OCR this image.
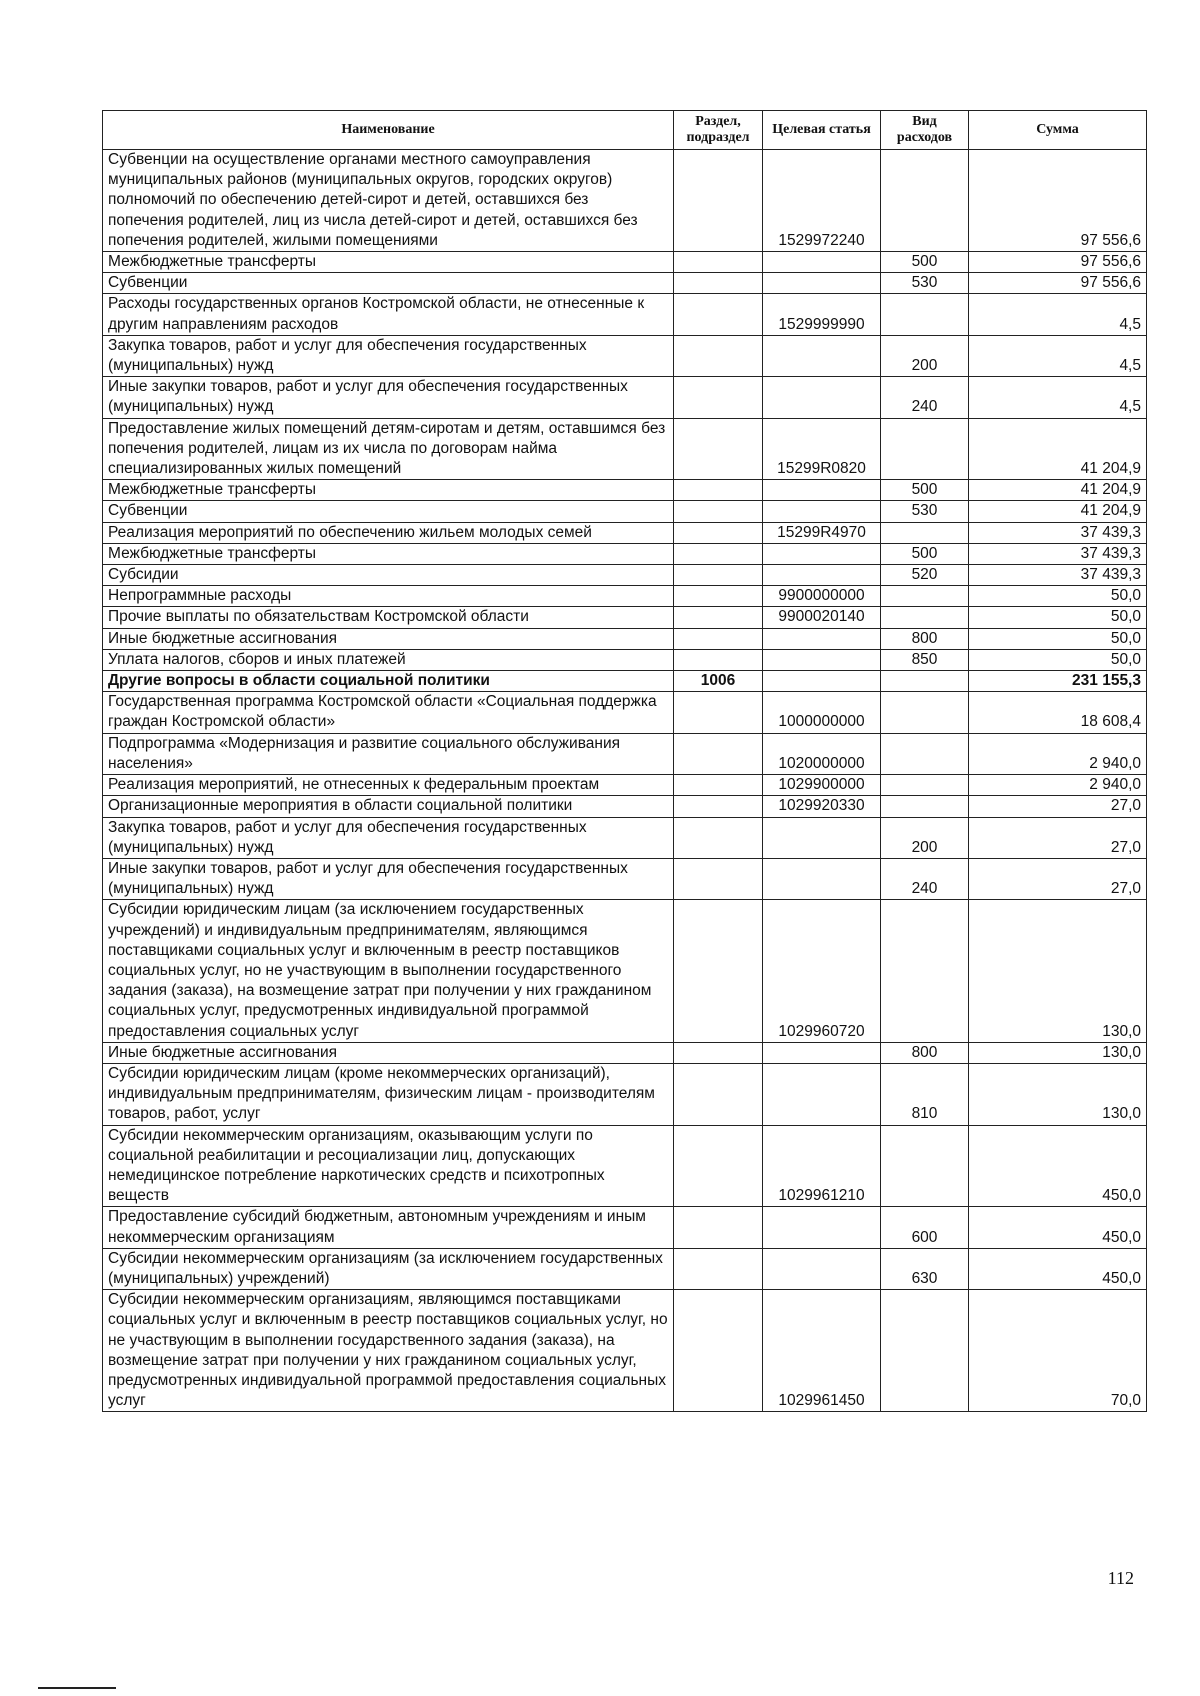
Наименование	Раздел, подраздел	Целевая статья	Вид расходов	Сумма
Субвенции на осуществление органами местного самоуправления муниципальных районов (муниципальных округов, городских округов) полномочий по обеспечению детей-сирот и детей, оставшихся без попечения родителей, лиц из числа детей-сирот и детей, оставшихся без попечения родителей, жилыми помещениями		1529972240		97 556,6
Межбюджетные трансферты			500	97 556,6
Субвенции			530	97 556,6
Расходы государственных органов Костромской области, не отнесенные к другим направлениям расходов		1529999990		4,5
Закупка товаров, работ и услуг для обеспечения государственных (муниципальных) нужд			200	4,5
Иные закупки товаров, работ и услуг для обеспечения государственных (муниципальных) нужд			240	4,5
Предоставление жилых помещений детям-сиротам и детям, оставшимся без попечения родителей, лицам из их числа по договорам найма специализированных жилых помещений		15299R0820		41 204,9
Межбюджетные трансферты			500	41 204,9
Субвенции			530	41 204,9
Реализация мероприятий по обеспечению жильем молодых семей		15299R4970		37 439,3
Межбюджетные трансферты			500	37 439,3
Субсидии			520	37 439,3
Непрограммные расходы		9900000000		50,0
Прочие выплаты по обязательствам Костромской области		9900020140		50,0
Иные бюджетные ассигнования			800	50,0
Уплата налогов, сборов и иных платежей			850	50,0
Другие вопросы в области социальной политики	1006			231 155,3
Государственная программа Костромской области «Социальная поддержка граждан Костромской области»		1000000000		18 608,4
Подпрограмма «Модернизация и развитие социального обслуживания населения»		1020000000		2 940,0
Реализация мероприятий, не отнесенных к федеральным проектам		1029900000		2 940,0
Организационные мероприятия в области социальной политики		1029920330		27,0
Закупка товаров, работ и услуг для обеспечения государственных (муниципальных) нужд			200	27,0
Иные закупки товаров, работ и услуг для обеспечения государственных (муниципальных) нужд			240	27,0
Субсидии юридическим лицам (за исключением государственных учреждений) и индивидуальным предпринимателям, являющимся поставщиками социальных услуг и включенным в реестр поставщиков социальных услуг, но не участвующим в выполнении государственного задания (заказа), на возмещение затрат при получении у них гражданином социальных услуг, предусмотренных индивидуальной программой предоставления социальных услуг		1029960720		130,0
Иные бюджетные ассигнования			800	130,0
Субсидии юридическим лицам (кроме некоммерческих организаций), индивидуальным предпринимателям, физическим лицам - производителям товаров, работ, услуг			810	130,0
Субсидии некоммерческим организациям, оказывающим услуги по социальной реабилитации и ресоциализации лиц, допускающих немедицинское потребление наркотических средств и психотропных веществ		1029961210		450,0
Предоставление субсидий бюджетным, автономным учреждениям и иным некоммерческим организациям			600	450,0
Субсидии некоммерческим организациям (за исключением государственных (муниципальных) учреждений)			630	450,0
Субсидии некоммерческим организациям, являющимся поставщиками социальных услуг и включенным в реестр поставщиков социальных услуг, но не участвующим в выполнении государственного задания (заказа), на возмещение затрат при получении у них гражданином социальных услуг, предусмотренных индивидуальной программой предоставления социальных услуг		1029961450		70,0
112
